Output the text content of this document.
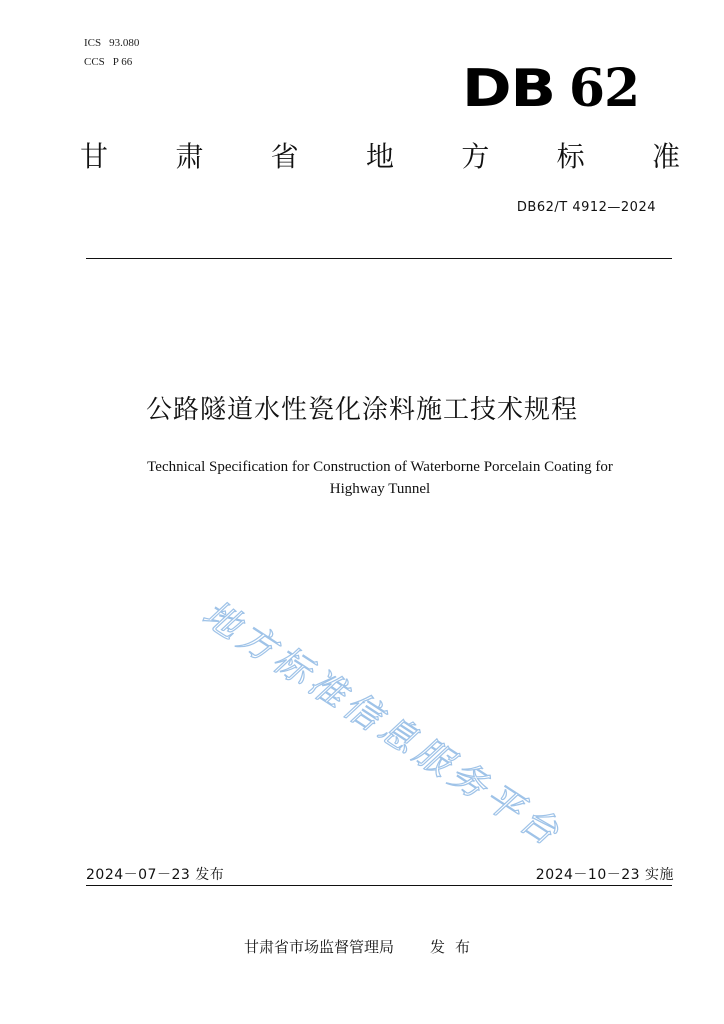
ICS 93.080
CCS P 66	DB 62
甘 肃 省 地 方 标 准
DB62/T 4912—2024
公路隧道水性瓷化涂料施工技术规程
Technical Specification for Construction of Waterborne Porcelain Coating for
Highway Tunnel
地方标准信息服务平台
2024－07－23 发布	2024－10－23 实施
甘肃省市场监督管理局 发布
